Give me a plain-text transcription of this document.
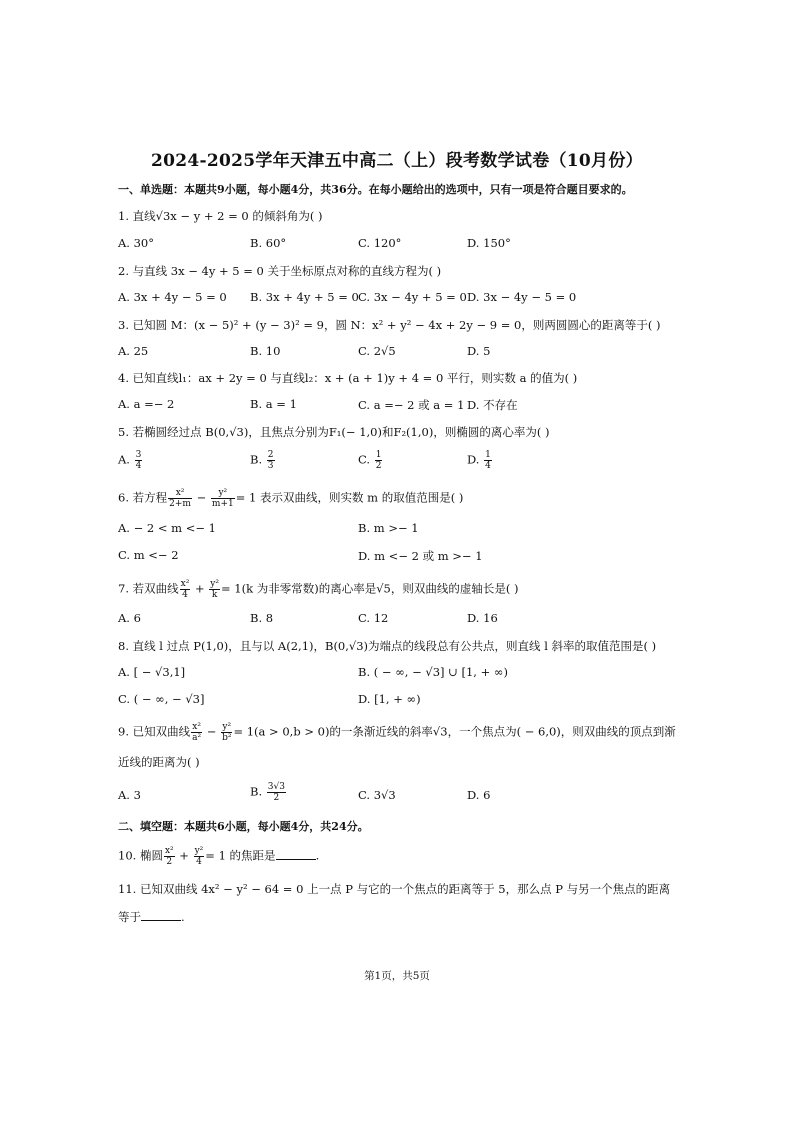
2024-2025学年天津五中高二（上）段考数学试卷（10月份）
一、单选题：本题共9小题，每小题4分，共36分。在每小题给出的选项中，只有一项是符合题目要求的。
1. 直线√3x − y + 2 = 0 的倾斜角为( )
A. 30°	B. 60°	C. 120°	D. 150°
2. 与直线 3x − 4y + 5 = 0 关于坐标原点对称的直线方程为( )
A. 3x + 4y − 5 = 0 B. 3x + 4y + 5 = 0 C. 3x − 4y + 5 = 0 D. 3x − 4y − 5 = 0
3. 已知圆 M：(x − 5)² + (y − 3)² = 9，圆 N：x² + y² − 4x + 2y − 9 = 0，则两圆圆心的距离等于( )
A. 25	B. 10	C. 2√5	D. 5
4. 已知直线l₁：ax + 2y = 0 与直线l₂：x + (a + 1)y + 4 = 0 平行，则实数 a 的值为( )
A. a =− 2	B. a = 1	C. a =− 2 或 a = 1 D. 不存在
5. 若椭圆经过点 B(0,√3)，且焦点分别为F₁(− 1,0)和F₂(1,0)，则椭圆的离心率为( )
A. $\frac{3}{4}$	B. $\frac{2}{3}$	C. $\frac{1}{2}$	D. $\frac{1}{4}$
6. 若方程 $\frac{\text{x²}}{2+m} - \frac{\text{y²}}{m+1} = 1$ 表示双曲线，则实数 m 的取值范围是( )
A. − 2 < m <− 1	B. m >− 1
C. m <− 2	D. m <− 2 或 m >− 1
7. 若双曲线 $\frac{\text{x²}}{4} + \frac{\text{y²}}{k} = 1(k$ 为非零常数)的离心率是√5，则双曲线的虚轴长是( )
A. 6	B. 8	C. 12	D. 16
8. 直线 l 过点 P(1,0)，且与以 A(2,1)，B(0,√3)为端点的线段总有公共点，则直线 l 斜率的取值范围是( )
A. [ − √3,1]	B. ( − ∞, − √3] ∪ [1, + ∞)
C. ( − ∞, − √3]	D. [1, + ∞)
9. 已知双曲线 $\frac{\text{x²}}{\text{a²}} - \frac{\text{y²}}{\text{b²}} = 1(a > 0,b > 0)$的一条渐近线的斜率√3，一个焦点为( − 6,0)，则双曲线的顶点到渐
近线的距离为( )
A. 3	B. $\frac{3√3}{2}$	C. 3√3	D. 6
二、填空题：本题共6小题，每小题4分，共24分。
10. 椭圆 $\frac{\text{x²}}{2} + \frac{\text{y²}}{4} = 1$ 的焦距是	.
11. 已知双曲线 4x² − y² − 64 = 0 上一点 P 与它的一个焦点的距离等于 5，那么点 P 与另一个焦点的距离
等于	.
第1页，共5页
